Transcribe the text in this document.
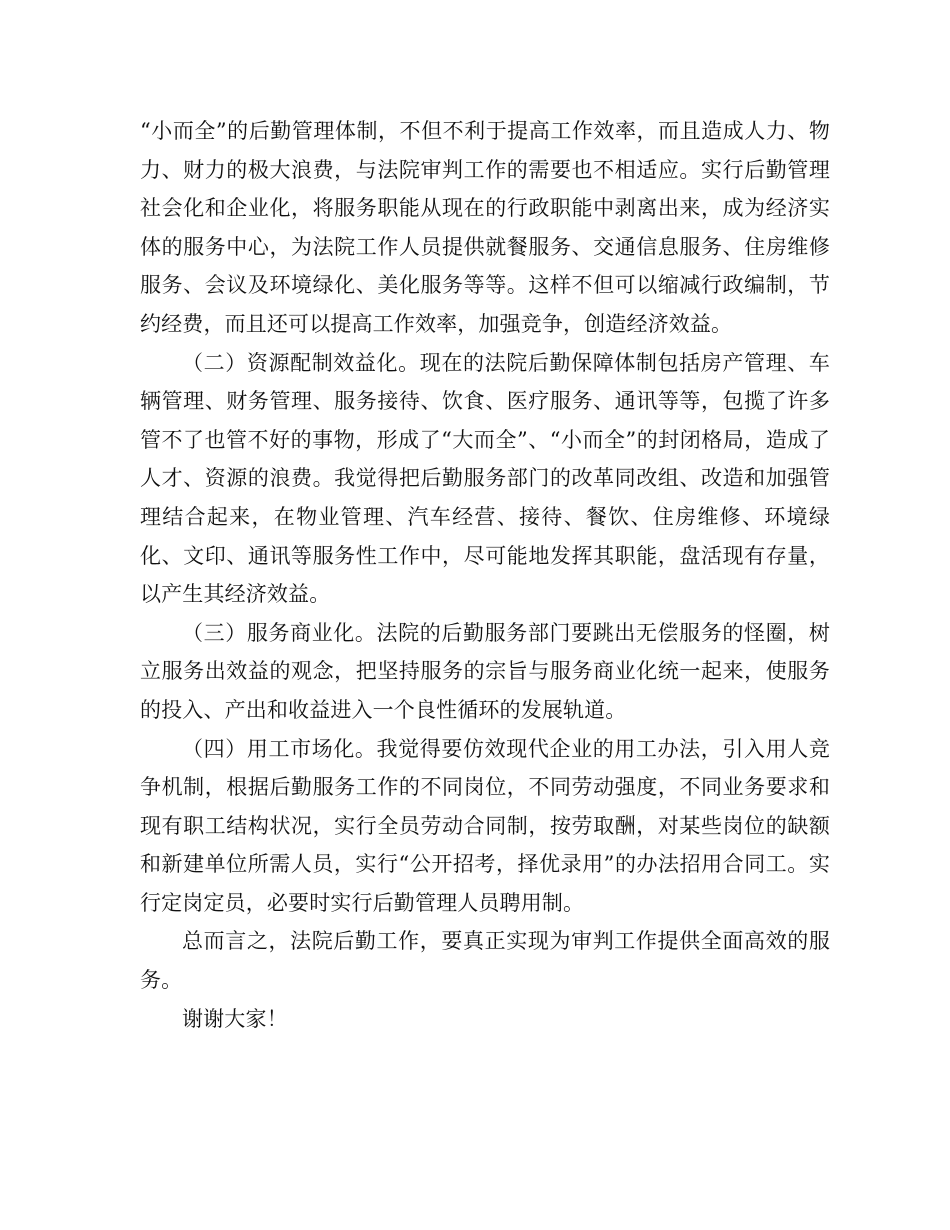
“小而全”的后勤管理体制，不但不利于提高工作效率，而且造成人力、物力、财力的极大浪费，与法院审判工作的需要也不相适应。实行后勤管理社会化和企业化，将服务职能从现在的行政职能中剥离出来，成为经济实体的服务中心，为法院工作人员提供就餐服务、交通信息服务、住房维修服务、会议及环境绿化、美化服务等等。这样不但可以缩减行政编制，节约经费，而且还可以提高工作效率，加强竞争，创造经济效益。

（二）资源配制效益化。现在的法院后勤保障体制包括房产管理、车辆管理、财务管理、服务接待、饮食、医疗服务、通讯等等，包揽了许多管不了也管不好的事物，形成了“大而全”、“小而全”的封闭格局，造成了人才、资源的浪费。我觉得把后勤服务部门的改革同改组、改造和加强管理结合起来，在物业管理、汽车经营、接待、餐饮、住房维修、环境绿化、文印、通讯等服务性工作中，尽可能地发挥其职能，盘活现有存量，以产生其经济效益。

（三）服务商业化。法院的后勤服务部门要跳出无偿服务的怪圈，树立服务出效益的观念，把坚持服务的宗旨与服务商业化统一起来，使服务的投入、产出和收益进入一个良性循环的发展轨道。

（四）用工市场化。我觉得要仿效现代企业的用工办法，引入用人竞争机制，根据后勤服务工作的不同岗位，不同劳动强度，不同业务要求和现有职工结构状况，实行全员劳动合同制，按劳取酬，对某些岗位的缺额和新建单位所需人员，实行“公开招考，择优录用”的办法招用合同工。实行定岗定员，必要时实行后勤管理人员聘用制。

总而言之，法院后勤工作，要真正实现为审判工作提供全面高效的服务。

谢谢大家！
